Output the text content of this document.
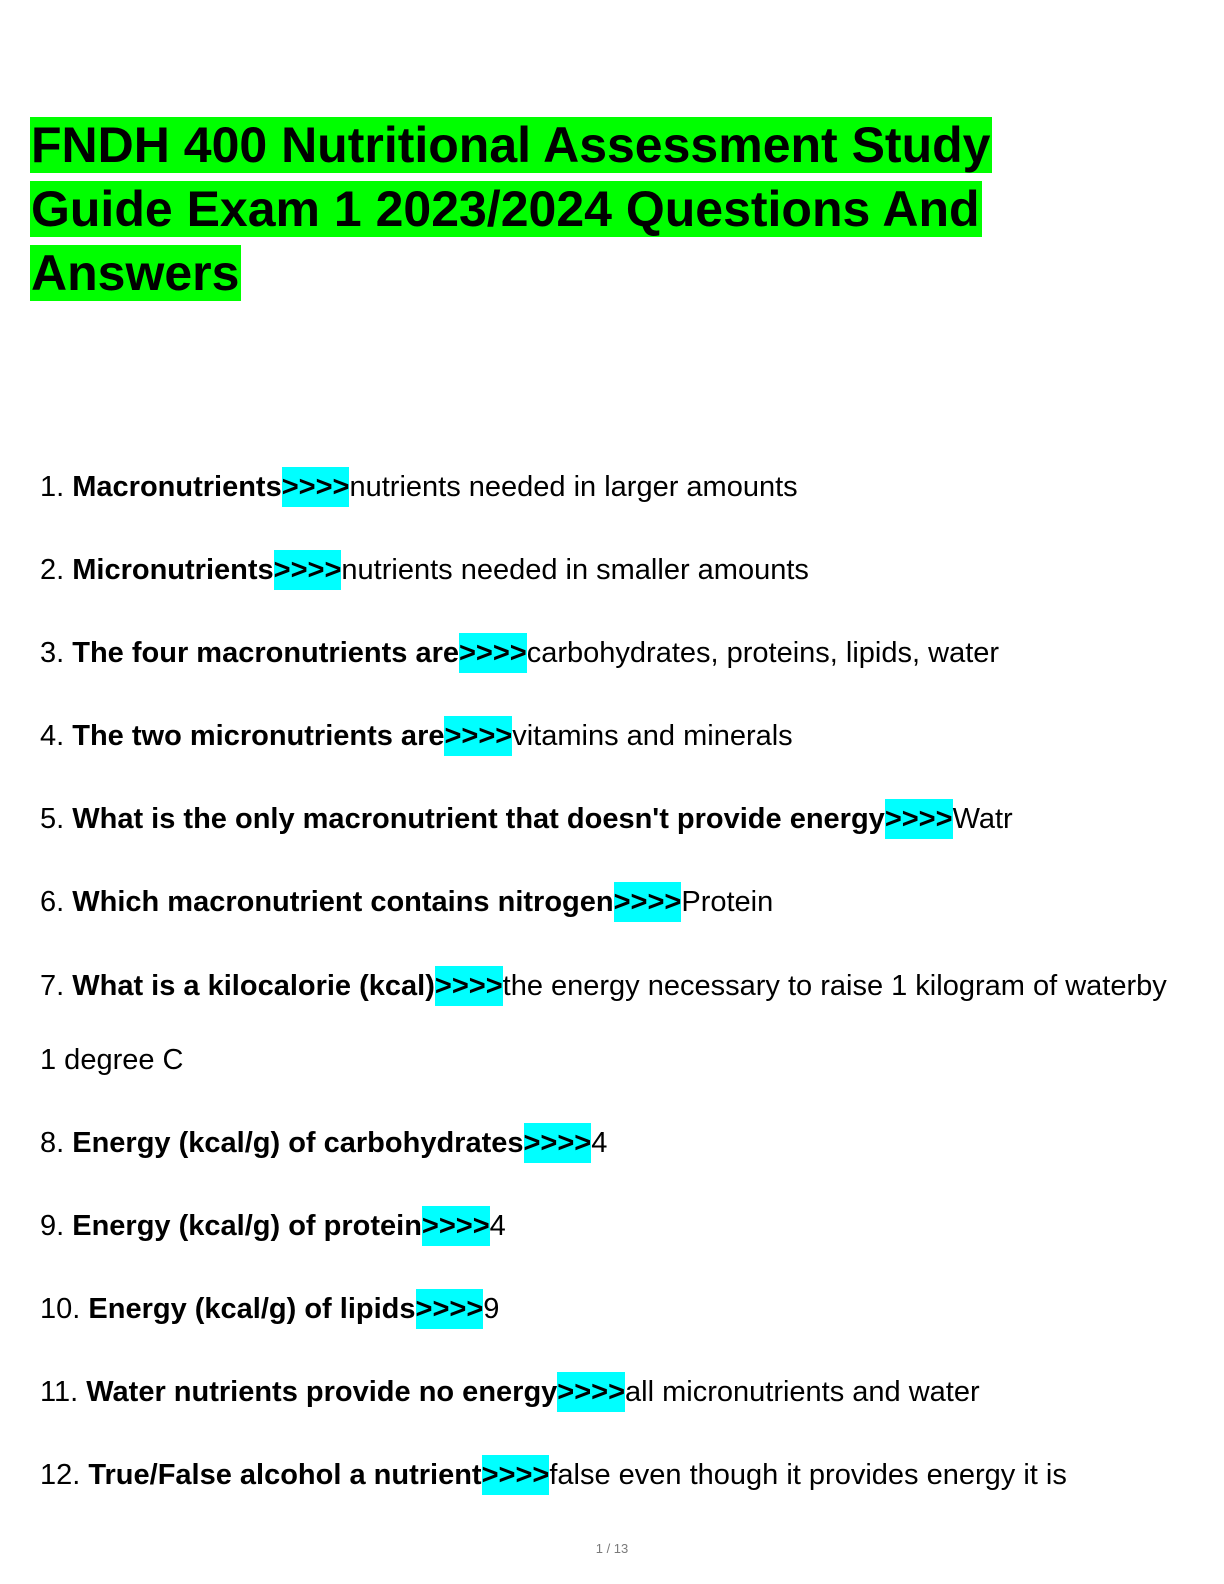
FNDH 400 Nutritional Assessment Study Guide Exam 1 2023/2024 Questions And Answers
1. Macronutrients>>>>nutrients needed in larger amounts
2. Micronutrients>>>>nutrients needed in smaller amounts
3. The four macronutrients are>>>>carbohydrates, proteins, lipids, water
4. The two micronutrients are>>>>vitamins and minerals
5. What is the only macronutrient that doesn't provide energy>>>>Watr
6. Which macronutrient contains nitrogen>>>>Protein
7. What is a kilocalorie (kcal)>>>>the energy necessary to raise 1 kilogram of waterby 1 degree C
8. Energy (kcal/g) of carbohydrates>>>>4
9. Energy (kcal/g) of protein>>>>4
10. Energy (kcal/g) of lipids>>>>9
11. Water nutrients provide no energy>>>>all micronutrients and water
12. True/False alcohol a nutrient>>>>false even though it provides energy it is
1 / 13
